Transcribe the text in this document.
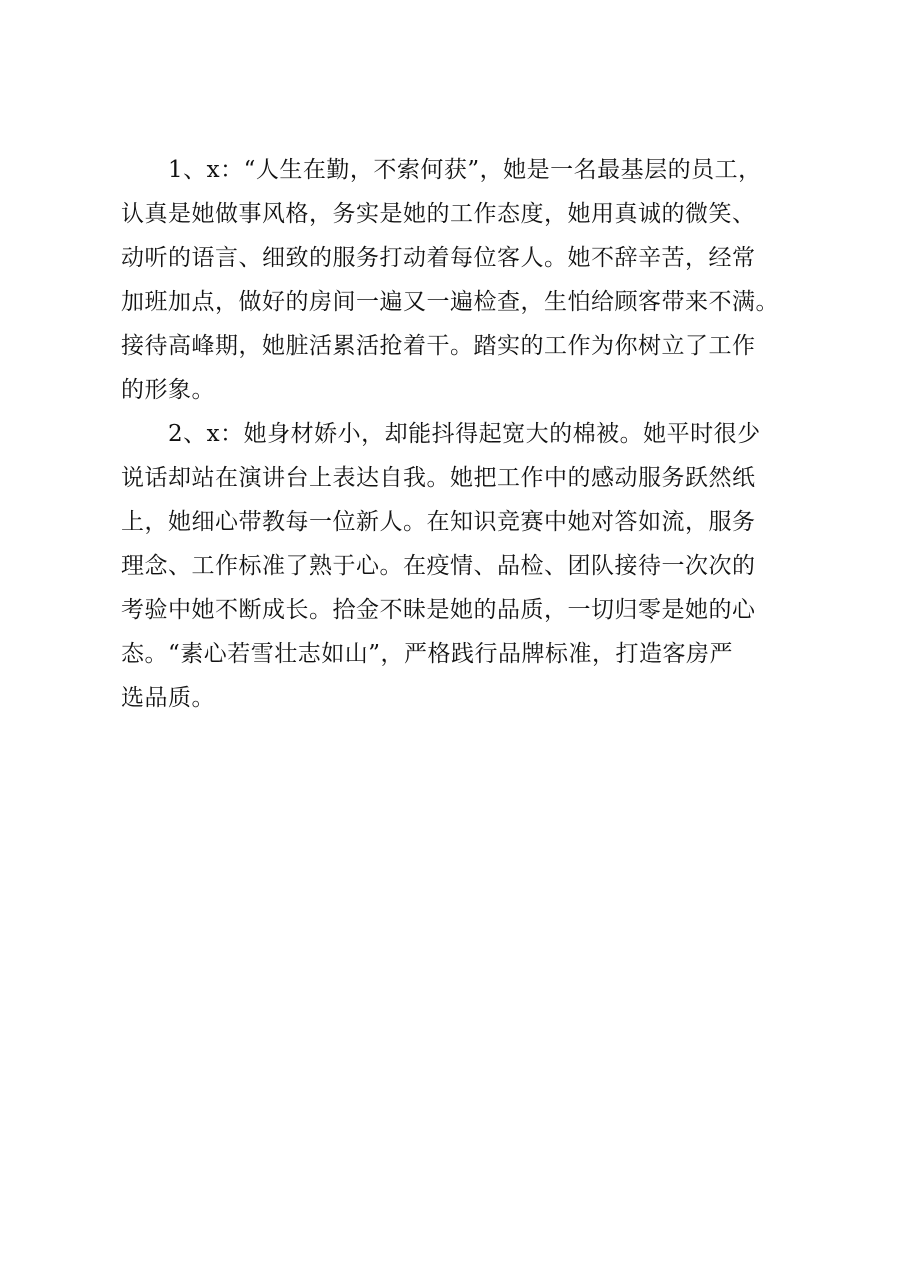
1、x：“人生在勤，不索何获”，她是一名最基层的员工，
认真是她做事风格，务实是她的工作态度，她用真诚的微笑、
动听的语言、细致的服务打动着每位客人。她不辞辛苦，经常
加班加点，做好的房间一遍又一遍检查，生怕给顾客带来不满。
接待高峰期，她脏活累活抢着干。踏实的工作为你树立了工作
的形象。
2、x：她身材娇小，却能抖得起宽大的棉被。她平时很少
说话却站在演讲台上表达自我。她把工作中的感动服务跃然纸
上，她细心带教每一位新人。在知识竞赛中她对答如流，服务
理念、工作标准了熟于心。在疫情、品检、团队接待一次次的
考验中她不断成长。拾金不昧是她的品质，一切归零是她的心
态。“素心若雪壮志如山”，严格践行品牌标准，打造客房严
选品质。
